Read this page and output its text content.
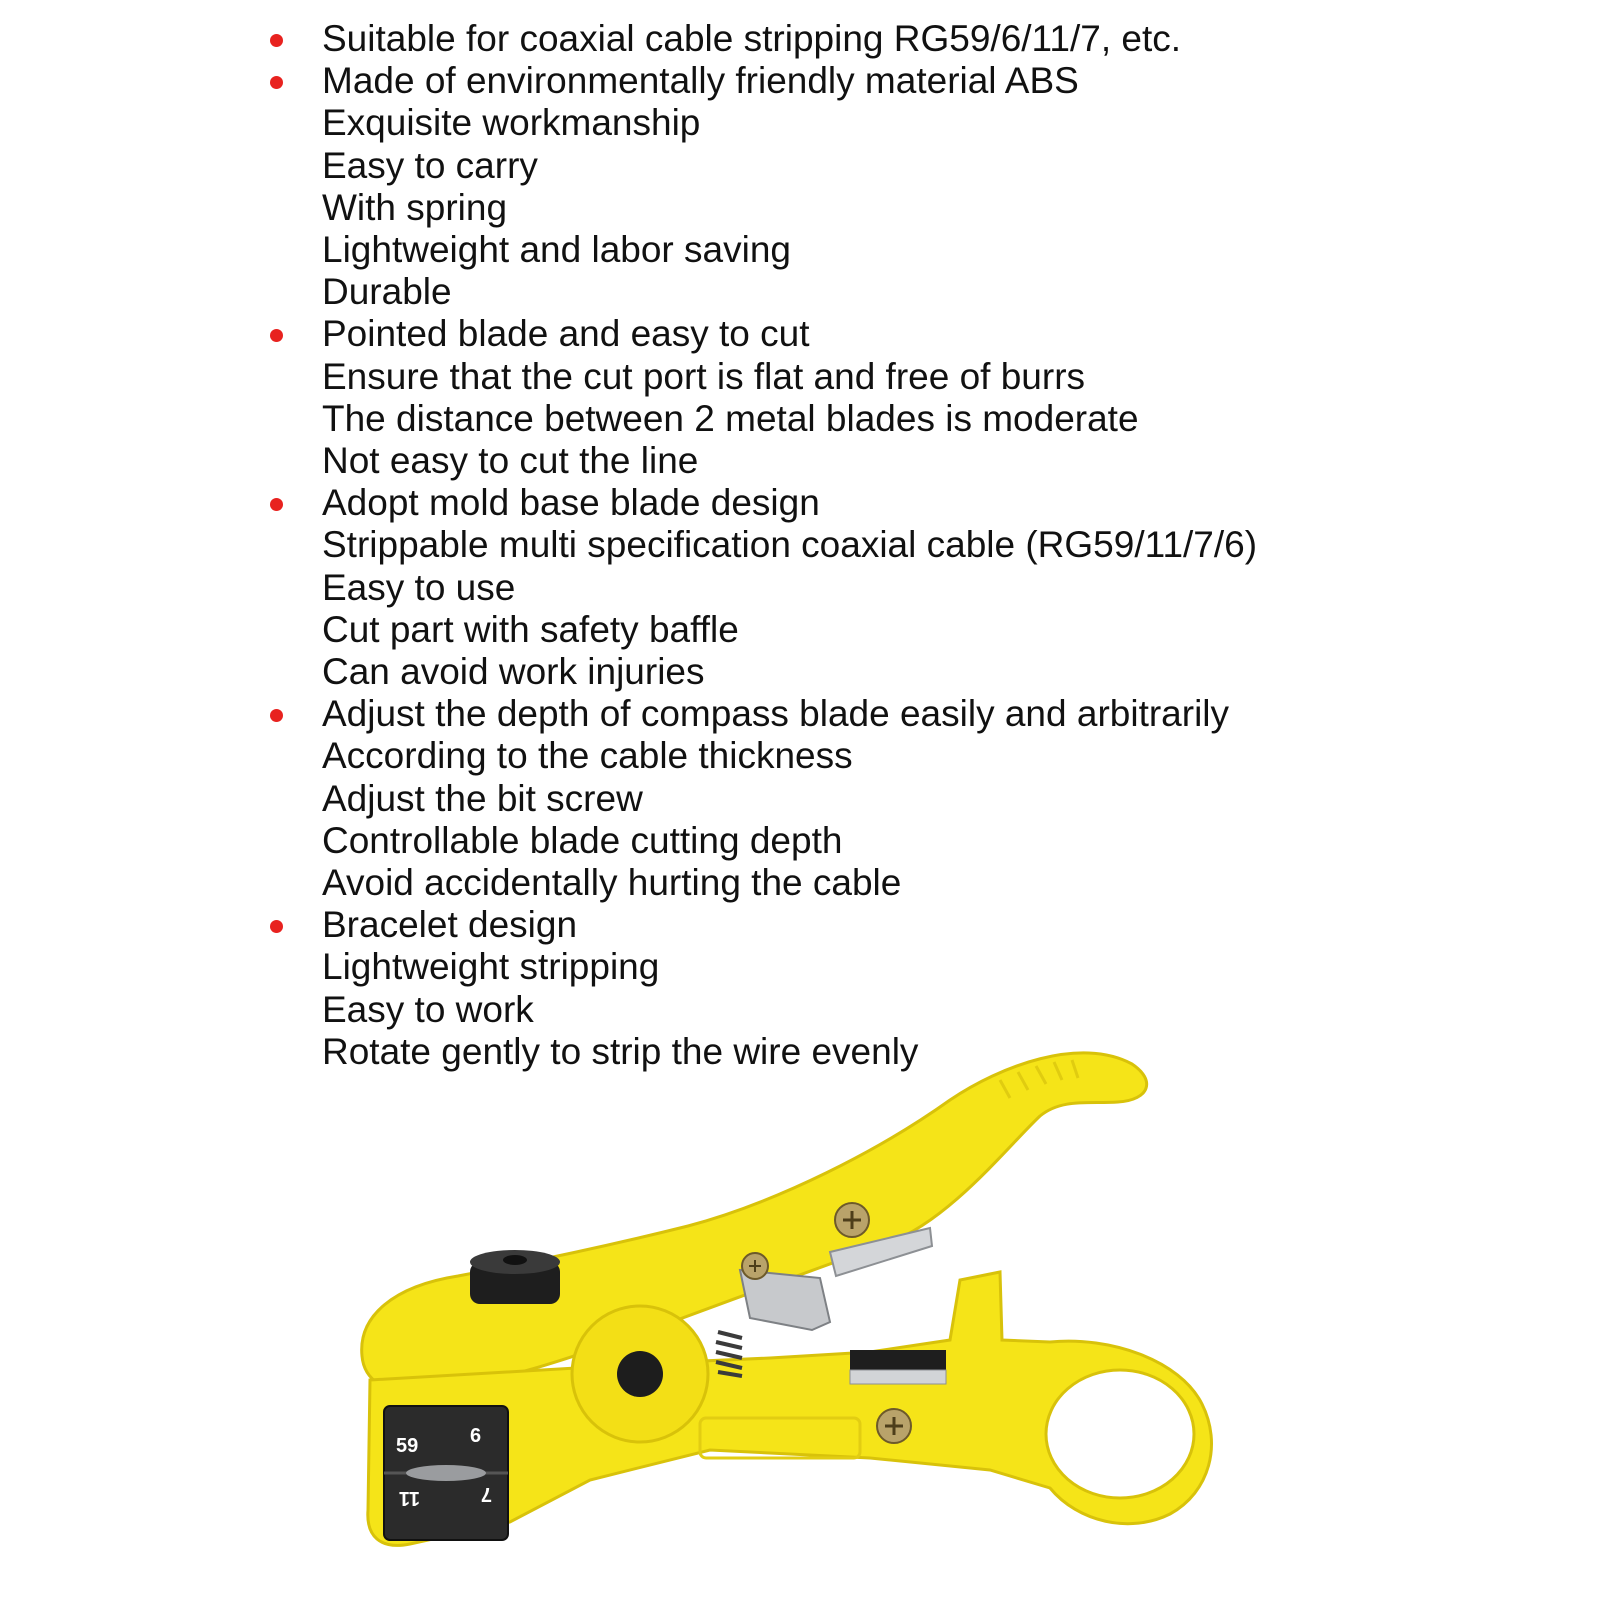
Suitable for coaxial cable stripping RG59/6/11/7, etc.
Made of environmentally friendly material ABS
Exquisite workmanship
Easy to carry
With spring
Lightweight and labor saving
Durable
Pointed blade and easy to cut
Ensure that the cut port is flat and free of burrs
The distance between 2 metal blades is moderate
Not easy to cut the line
Adopt mold base blade design
Strippable multi specification coaxial cable (RG59/11/7/6)
Easy to use
Cut part with safety baffle
Can avoid work injuries
Adjust the depth of compass blade easily and arbitrarily
According to the cable thickness
Adjust the bit screw
Controllable blade cutting depth
Avoid accidentally hurting the cable
Bracelet design
Lightweight stripping
Easy to work
Rotate gently to strip the wire evenly
59	6
11	7
